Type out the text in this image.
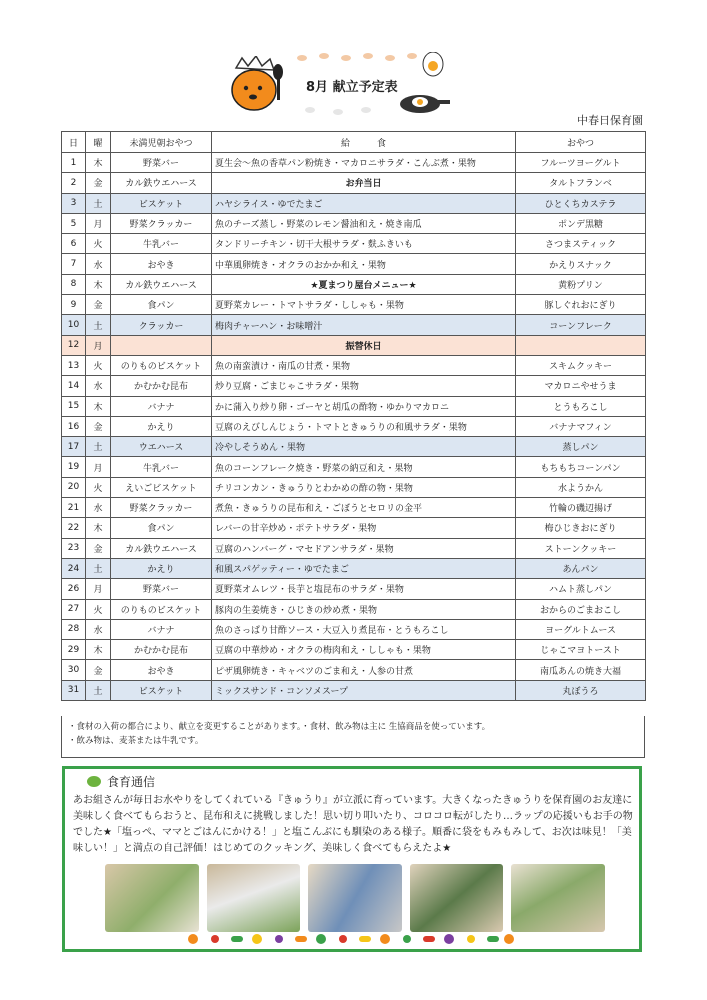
8月 献立予定表
中春日保育園
日	曜	未満児朝おやつ	給　　　食	おやつ
1	木	野菜バー	夏生会～魚の香草パン粉焼き・マカロニサラダ・こんぶ煮・果物	フルーツヨーグルト
2	金	カル鉄ウエハース	お弁当日	タルトフランベ
3	土	ビスケット	ハヤシライス・ゆでたまご	ひとくちカステラ
5	月	野菜クラッカー	魚のチーズ蒸し・野菜のレモン醤油和え・焼き南瓜	ポンデ黒糖
6	火	牛乳バー	タンドリーチキン・切干大根サラダ・麩ふきいも	さつまスティック
7	水	おやき	中華風卵焼き・オクラのおかか和え・果物	かえりスナック
8	木	カル鉄ウエハース	★夏まつり屋台メニュー★	黄粉プリン
9	金	食パン	夏野菜カレー・トマトサラダ・ししゃも・果物	豚しぐれおにぎり
10	土	クラッカー	梅肉チャーハン・お味噌汁	コーンフレーク
12	月		振替休日	
13	火	のりものビスケット	魚の南蛮漬け・南瓜の甘煮・果物	スキムクッキー
14	水	かむかむ昆布	炒り豆腐・ごまじゃこサラダ・果物	マカロニやせうま
15	木	バナナ	かに蒲入り炒り卵・ゴーヤと胡瓜の酢物・ゆかりマカロニ	とうもろこし
16	金	かえり	豆腐のえびしんじょう・トマトときゅうりの和風サラダ・果物	バナナマフィン
17	土	ウエハース	冷やしそうめん・果物	蒸しパン
19	月	牛乳バー	魚のコーンフレーク焼き・野菜の納豆和え・果物	もちもちコーンパン
20	火	えいごビスケット	チリコンカン・きゅうりとわかめの酢の物・果物	水ようかん
21	水	野菜クラッカー	煮魚・きゅうりの昆布和え・ごぼうとセロリの金平	竹輪の磯辺揚げ
22	木	食パン	レバーの甘辛炒め・ポテトサラダ・果物	梅ひじきおにぎり
23	金	カル鉄ウエハース	豆腐のハンバーグ・マセドアンサラダ・果物	ストーンクッキー
24	土	かえり	和風スパゲッティー・ゆでたまご	あんパン
26	月	野菜バー	夏野菜オムレツ・長芋と塩昆布のサラダ・果物	ハムト蒸しパン
27	火	のりものビスケット	豚肉の生姜焼き・ひじきの炒め煮・果物	おからのごまおこし
28	水	バナナ	魚のさっぱり甘酢ソース・大豆入り煮昆布・とうもろこし	ヨーグルトムース
29	木	かむかむ昆布	豆腐の中華炒め・オクラの梅肉和え・ししゃも・果物	じゃこマヨトースト
30	金	おやき	ピザ風卵焼き・キャベツのごま和え・人参の甘煮	南瓜あんの焼き大福
31	土	ビスケット	ミックスサンド・コンソメスープ	丸ぼうろ
・食材の入荷の都合により、献立を変更することがあります。・食材、飲み物は主に 生協商品を使っています。
・飲み物は、麦茶または牛乳です。
食育通信
あお組さんが毎日お水やりをしてくれている『きゅうり』が立派に育っています。大きくなったきゅうりを保育園のお友達に美味しく食べてもらおうと、昆布和えに挑戦しました！思い切り叩いたり、コロコロ転がしたり…ラップの応援いもお手の物でした★「塩っぺ、ママとごはんにかける！」と塩こんぶにも馴染のある様子。順番に袋をもみもみして、お次は味見！「美味しい！」と満点の自己評価！はじめてのクッキング、美味しく食べてもらえたよ★
